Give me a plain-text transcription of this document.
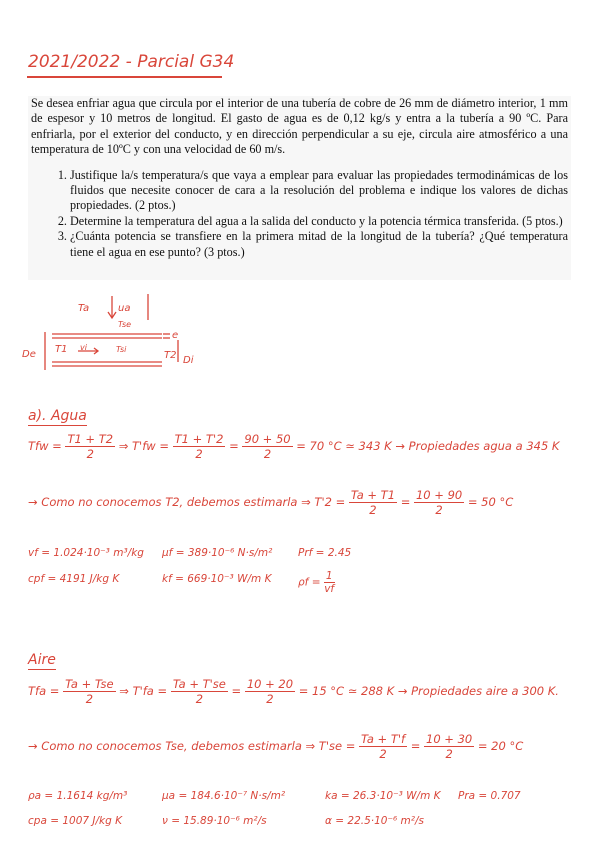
2021/2022 - Parcial G34

Se desea enfriar agua que circula por el interior de una tubería de cobre de 26 mm de diámetro interior, 1 mm de espesor y 10 metros de longitud. El gasto de agua es de 0,12 kg/s y entra a la tubería a 90 ºC. Para enfriarla, por el exterior del conducto, y en dirección perpendicular a su eje, circula aire atmosférico a una temperatura de 10ºC y con una velocidad de 60 m/s.

1. Justifique la/s temperatura/s que vaya a emplear para evaluar las propiedades termodinámicas de los fluidos que necesite conocer de cara a la resolución del problema e indique los valores de dichas propiedades. (2 ptos.)
2. Determine la temperatura del agua a la salida del conducto y la potencia térmica transferida. (5 ptos.)
3. ¿Cuánta potencia se transfiere en la primera mitad de la longitud de la tubería? ¿Qué temperatura tiene el agua en ese punto? (3 ptos.)
Ta	ua
Tse
e
De T1 vi	Tsi
T2 Di
a). Agua
Tfw = $\frac{T1 + T2}{2}$ ⇒ $T'fw = \frac{T1 + T'2}{2} = \frac{90 + 50}{2} = 70$ °C ≃ 343 K → Propiedades agua a 345 K
→ Como no conocemos T2, debemos estimarla ⇒ $T'2 = \frac{Ta + T1}{2} = \frac{10 + 90}{2} = 50$ °C
vf = 1.024·10⁻³ m³/kg μf = 389·10⁻⁶ N·s/m² Prf = 2.45
cpf = 4191 J/kg K	kf = 669·10⁻³ W/m K	$\rho f = \frac{1}{vf}$
Aire
Tfa = $\frac{\text{Ta + Tse}}{2}$ ⇒ $T'fa = \frac{Ta + T'se}{2} = \frac{10 + 20}{2} = 15$ °C ≃ 288 K → Propiedades aire a 300 K.
→ Como no conocemos Tse, debemos estimarla ⇒ $T'se = \frac{Ta + T'f}{2} = \frac{10 + 30}{2} = 20$ °C
ρa = 1.1614 kg/m³	μa = 184.6·10⁻⁷ N·s/m²	ka = 26.3·10⁻³ W/m K Pra = 0.707
cpa = 1007 J/kg K	ν = 15.89·10⁻⁶ m²/s	α = 22.5·10⁻⁶ m²/s
